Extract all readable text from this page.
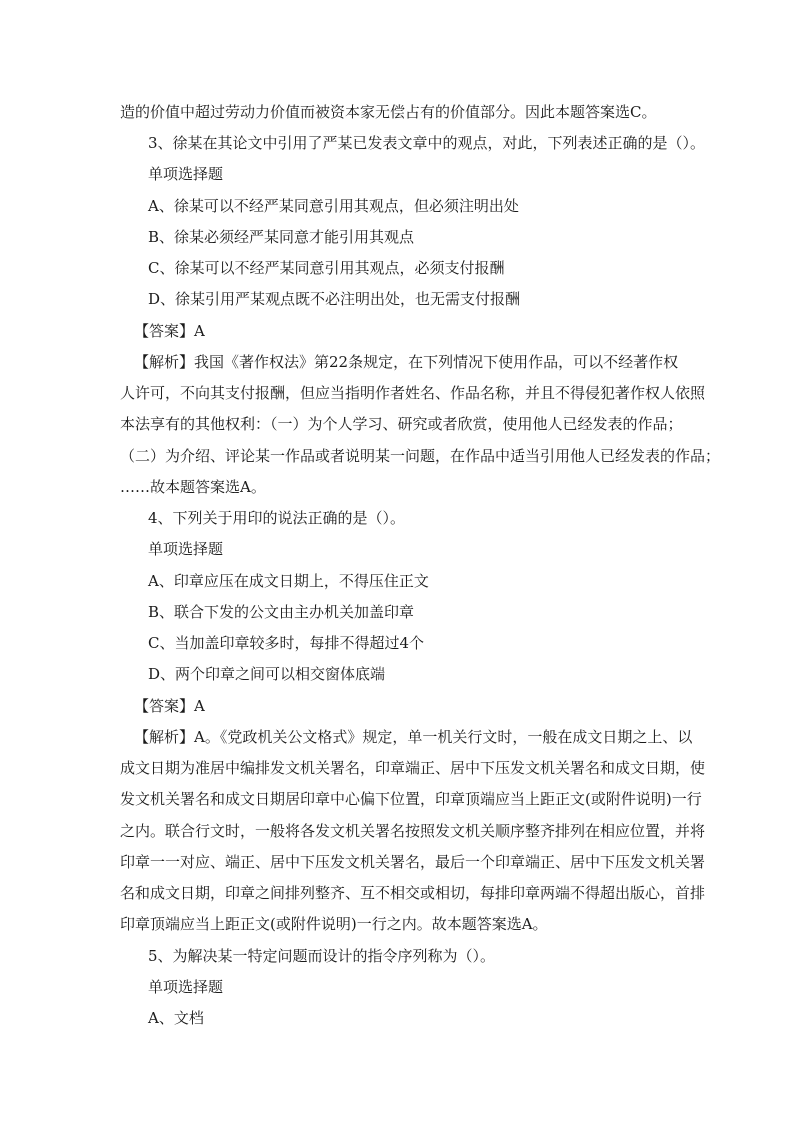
造的价值中超过劳动力价值而被资本家无偿占有的价值部分。因此本题答案选C。
3、徐某在其论文中引用了严某已发表文章中的观点，对此，下列表述正确的是（）。
单项选择题
A、徐某可以不经严某同意引用其观点，但必须注明出处
B、徐某必须经严某同意才能引用其观点
C、徐某可以不经严某同意引用其观点，必须支付报酬
D、徐某引用严某观点既不必注明出处，也无需支付报酬
【答案】A
【解析】我国《著作权法》第22条规定，在下列情况下使用作品，可以不经著作权
人许可，不向其支付报酬，但应当指明作者姓名、作品名称，并且不得侵犯著作权人依照
本法享有的其他权利：（一）为个人学习、研究或者欣赏，使用他人已经发表的作品；
（二）为介绍、评论某一作品或者说明某一问题，在作品中适当引用他人已经发表的作品；
……故本题答案选A。
4、下列关于用印的说法正确的是（）。
单项选择题
A、印章应压在成文日期上，不得压住正文
B、联合下发的公文由主办机关加盖印章
C、当加盖印章较多时，每排不得超过4个
D、两个印章之间可以相交窗体底端
【答案】A
【解析】A。《党政机关公文格式》规定，单一机关行文时，一般在成文日期之上、以
成文日期为准居中编排发文机关署名，印章端正、居中下压发文机关署名和成文日期，使
发文机关署名和成文日期居印章中心偏下位置，印章顶端应当上距正文(或附件说明)一行
之内。联合行文时，一般将各发文机关署名按照发文机关顺序整齐排列在相应位置，并将
印章一一对应、端正、居中下压发文机关署名，最后一个印章端正、居中下压发文机关署
名和成文日期，印章之间排列整齐、互不相交或相切，每排印章两端不得超出版心，首排
印章顶端应当上距正文(或附件说明)一行之内。故本题答案选A。
5、为解决某一特定问题而设计的指令序列称为（）。
单项选择题
A、文档
